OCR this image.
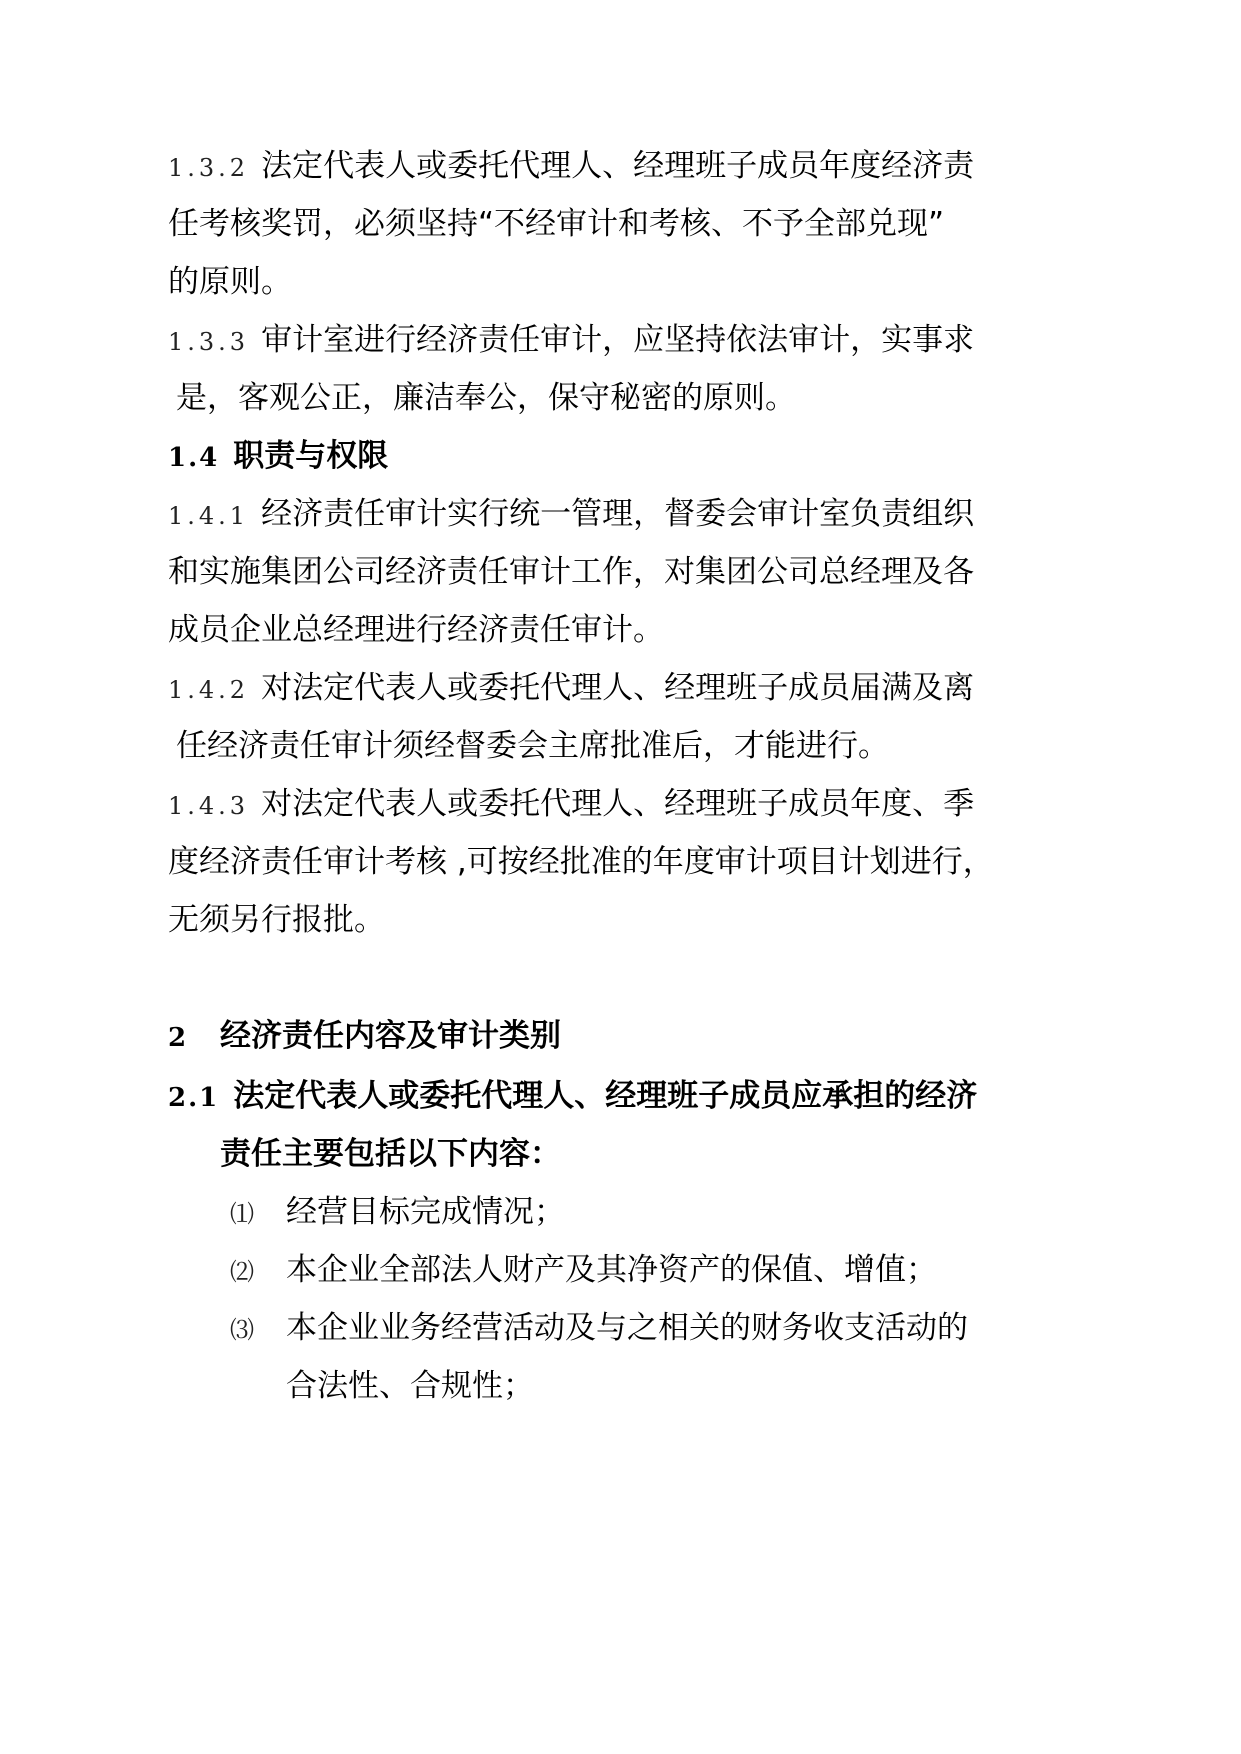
1.3.2 法定代表人或委托代理人、经理班子成员年度经济责
任考核奖罚，必须坚持“不经审计和考核、不予全部兑现”
的原则。
1.3.3 审计室进行经济责任审计，应坚持依法审计，实事求
是，客观公正，廉洁奉公，保守秘密的原则。
1.4 职责与权限
1.4.1 经济责任审计实行统一管理，督委会审计室负责组织
和实施集团公司经济责任审计工作，对集团公司总经理及各
成员企业总经理进行经济责任审计。
1.4.2 对法定代表人或委托代理人、经理班子成员届满及离
任经济责任审计须经督委会主席批准后，才能进行。
1.4.3 对法定代表人或委托代理人、经理班子成员年度、季
度经济责任审计考核 ,可按经批准的年度审计项目计划进行，
无须另行报批。
2 经济责任内容及审计类别
2.1 法定代表人或委托代理人、经理班子成员应承担的经济
责任主要包括以下内容：
⑴ 经营目标完成情况；
⑵ 本企业全部法人财产及其净资产的保值、增值；
⑶ 本企业业务经营活动及与之相关的财务收支活动的
合法性、合规性；
